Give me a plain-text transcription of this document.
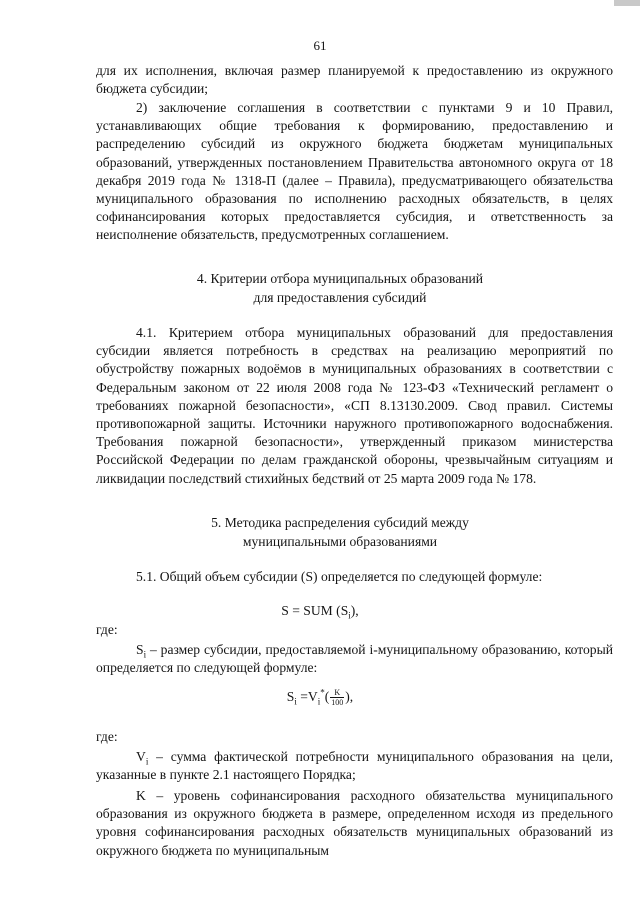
61
для их исполнения, включая размер планируемой к предоставлению из окружного бюджета субсидии;
2) заключение соглашения в соответствии с пунктами 9 и 10 Правил, устанавливающих общие требования к формированию, предоставлению и распределению субсидий из окружного бюджета бюджетам муниципальных образований, утвержденных постановлением Правительства автономного округа от 18 декабря 2019 года № 1318-П (далее – Правила), предусматривающего обязательства муниципального образования по исполнению расходных обязательств, в целях софинансирования которых предоставляется субсидия, и ответственность за неисполнение обязательств, предусмотренных соглашением.
4. Критерии отбора муниципальных образований
для предоставления субсидий
4.1. Критерием отбора муниципальных образований для предоставления субсидии является потребность в средствах на реализацию мероприятий по обустройству пожарных водоёмов в муниципальных образованиях в соответствии с Федеральным законом от 22 июля 2008 года № 123-ФЗ «Технический регламент о требованиях пожарной безопасности», «СП 8.13130.2009. Свод правил. Системы противопожарной защиты. Источники наружного противопожарного водоснабжения. Требования пожарной безопасности», утвержденный приказом министерства Российской Федерации по делам гражданской обороны, чрезвычайным ситуациям и ликвидации последствий стихийных бедствий от 25 марта 2009 года № 178.
5. Методика распределения субсидий между
муниципальными образованиями
5.1. Общий объем субсидии (S) определяется по следующей формуле:
S = SUM $(S_i)$,
где:
$S_i$ – размер субсидии, предоставляемой i-муниципальному образованию, который определяется по следующей формуле:
$S_i =V_i^*( \frac{K}{100}$ ),
где:
$V_i$ – сумма фактической потребности муниципального образования на цели, указанные в пункте 2.1 настоящего Порядка;
K – уровень софинансирования расходного обязательства муниципального образования из окружного бюджета в размере, определенном исходя из предельного уровня софинансирования расходных обязательств муниципальных образований из окружного бюджета по муниципальным
